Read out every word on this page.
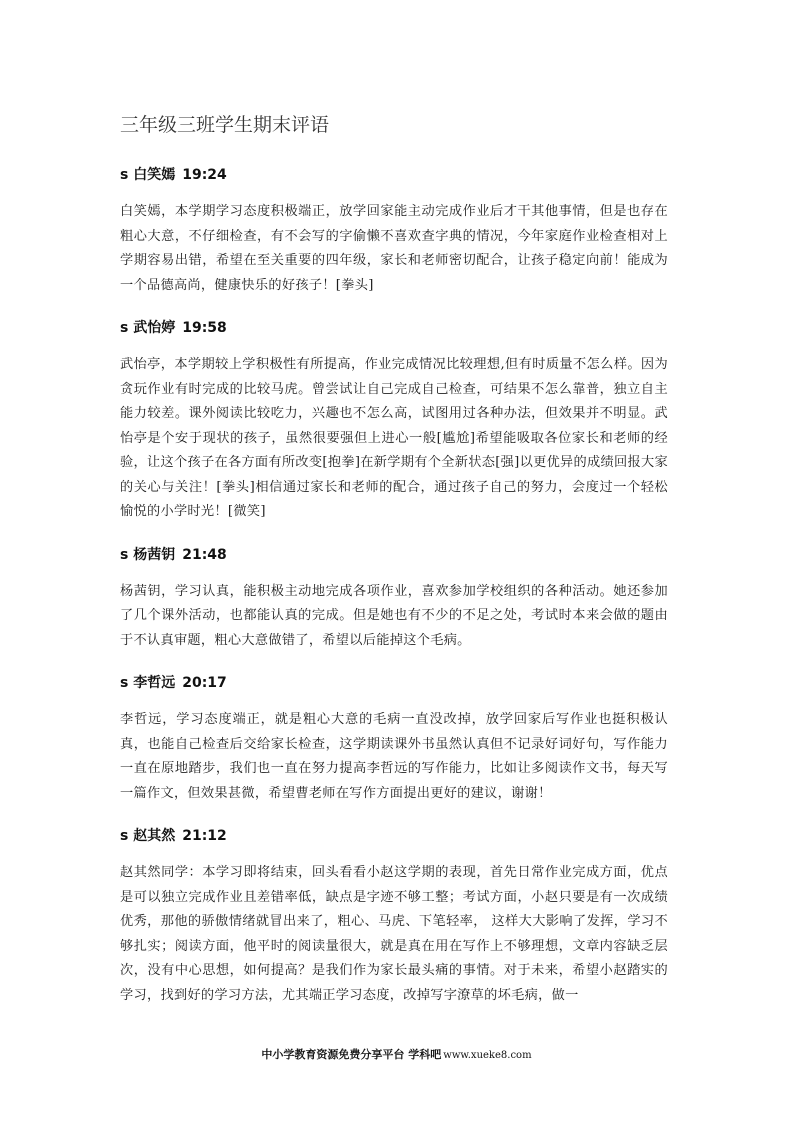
三年级三班学生期末评语
s 白笑嫣 19:24
白笑嫣，本学期学习态度积极端正，放学回家能主动完成作业后才干其他事情，但是也存在粗心大意，不仔细检查，有不会写的字偷懒不喜欢查字典的情况，今年家庭作业检查相对上学期容易出错，希望在至关重要的四年级，家长和老师密切配合，让孩子稳定向前！能成为一个品德高尚，健康快乐的好孩子！[拳头]
s 武怡婷 19:58
武怡亭，本学期较上学积极性有所提高，作业完成情况比较理想,但有时质量不怎么样。因为贪玩作业有时完成的比较马虎。曾尝试让自己完成自己检查，可结果不怎么靠普，独立自主能力较差。课外阅读比较吃力，兴趣也不怎么高，试图用过各种办法，但效果并不明显。武怡亭是个安于现状的孩子，虽然很要强但上进心一般[尴尬]希望能吸取各位家长和老师的经验，让这个孩子在各方面有所改变[抱拳]在新学期有个全新状态[强]以更优异的成绩回报大家的关心与关注！[拳头]相信通过家长和老师的配合，通过孩子自己的努力，会度过一个轻松愉悦的小学时光！[微笑]
s 杨茜钥 21:48
杨茜钥，学习认真，能积极主动地完成各项作业，喜欢参加学校组织的各种活动。她还参加了几个课外活动，也都能认真的完成。但是她也有不少的不足之处，考试时本来会做的题由于不认真审题，粗心大意做错了，希望以后能掉这个毛病。
s 李哲远 20:17
李哲远，学习态度端正，就是粗心大意的毛病一直没改掉，放学回家后写作业也挺积极认真，也能自己检查后交给家长检查，这学期读课外书虽然认真但不记录好词好句，写作能力一直在原地踏步，我们也一直在努力提高李哲远的写作能力，比如让多阅读作文书，每天写一篇作文，但效果甚微，希望曹老师在写作方面提出更好的建议，谢谢！
s 赵其然 21:12
赵其然同学：本学习即将结束，回头看看小赵这学期的表现，首先日常作业完成方面，优点是可以独立完成作业且差错率低，缺点是字迹不够工整；考试方面，小赵只要是有一次成绩优秀，那他的骄傲情绪就冒出来了，粗心、马虎、下笔轻率， 这样大大影响了发挥，学习不够扎实；阅读方面，他平时的阅读量很大，就是真在用在写作上不够理想，文章内容缺乏层次，没有中心思想，如何提高？是我们作为家长最头痛的事情。对于未来，希望小赵踏实的学习，找到好的学习方法，尤其端正学习态度，改掉写字潦草的坏毛病，做一
中小学教育资源免费分享平台 学科吧 www.xueke8.com
